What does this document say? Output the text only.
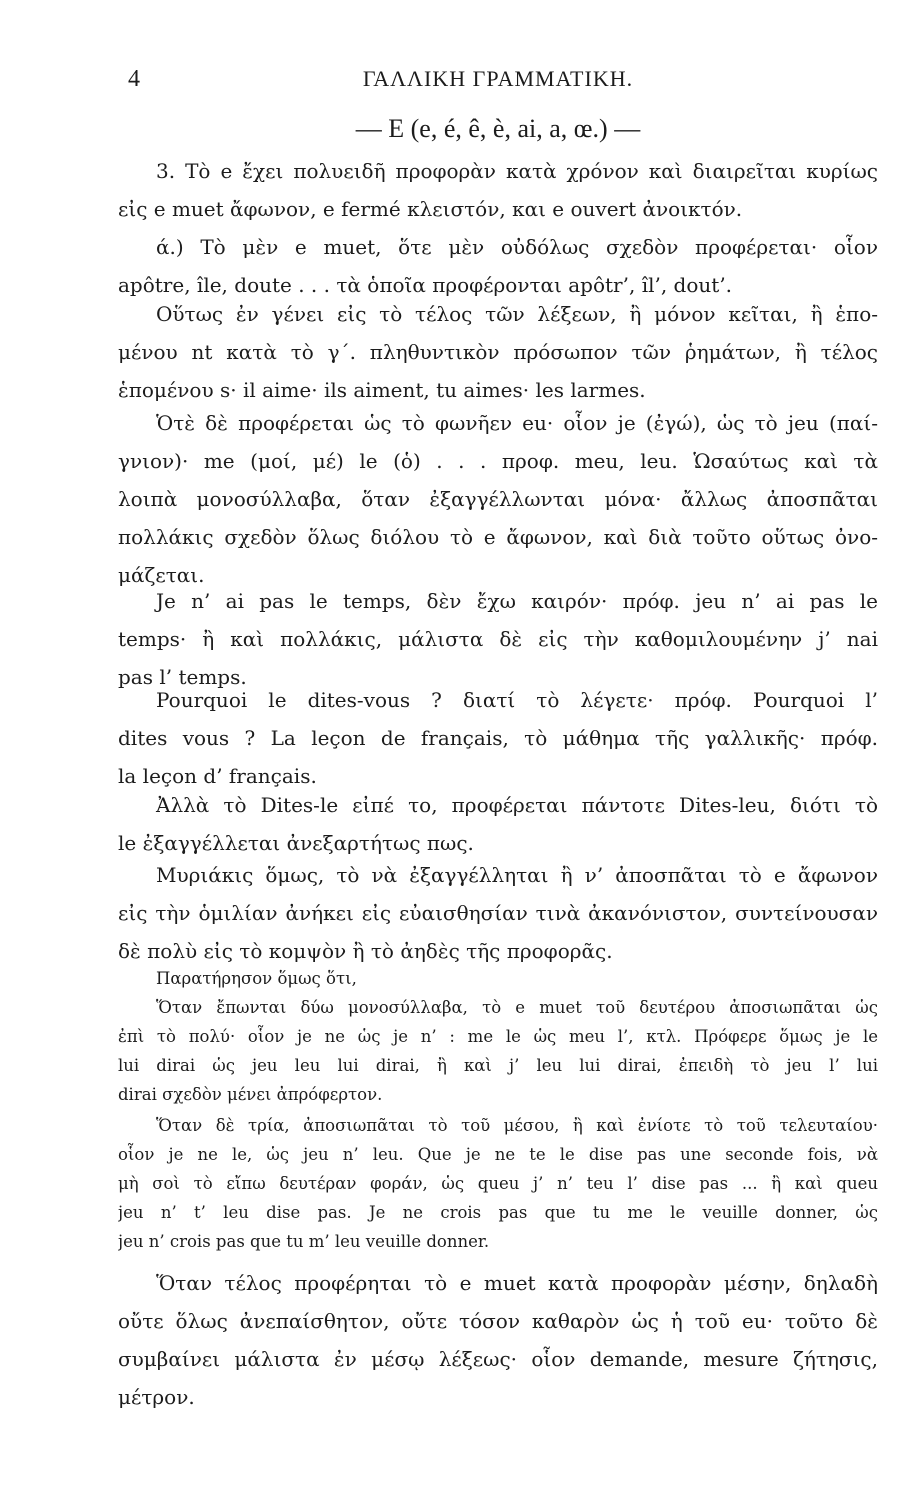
4	ΓΑΛΛΙΚΗ ΓΡΑΜΜΑΤΙΚΗ.
— E (e, é, ê, è, ai, a, œ.) —
3. Τὸ e ἔχει πολυειδῆ προφορὰν κατὰ χρόνον καὶ διαιρεῖται κυρίως
εἰς e muet ἄφωνον, e fermé κλειστόν, και e ouvert ἀνοικτόν.
ά.) Τὸ μὲν e muet, ὅτε μὲν οὐδόλως σχεδὸν προφέρεται· οἷον
apôtre, île, doute . . . τὰ ὁποῖα προφέρονται apôtr’, îl’, dout’.
Οὕτως ἐν γένει εἰς τὸ τέλος τῶν λέξεων, ἢ μόνον κεῖται, ἢ ἑπο-
μένου nt κατὰ τὸ γ΄. πληθυντικὸν πρόσωπον τῶν ῥημάτων, ἢ τέλος
ἑπομένου s· il aime· ils aiment, tu aimes· les larmes.
Ὁτὲ δὲ προφέρεται ὡς τὸ φωνῆεν eu· οἷον je (ἐγώ), ὡς τὸ jeu (παί-
γνιον)· me (μοί, μέ) le (ὁ) . . . προφ. meu, leu. Ὡσαύτως καὶ τὰ
λοιπὰ μονοσύλλαβα, ὅταν ἐξαγγέλλωνται μόνα· ἄλλως ἀποσπᾶται
πολλάκις σχεδὸν ὅλως διόλου τὸ e ἄφωνον, καὶ διὰ τοῦτο οὕτως ὀνο-
μάζεται.
Je n’ ai pas le temps, δὲν ἔχω καιρόν· πρόφ. jeu n’ ai pas le
temps· ἢ καὶ πολλάκις, μάλιστα δὲ εἰς τὴν καθομιλουμένην j’ nai
pas l’ temps.
Pourquoi le dites-vous ? διατί τὸ λέγετε· πρόφ. Pourquoi l’
dites vous ? La leçon de français, τὸ μάθημα τῆς γαλλικῆς· πρόφ.
la leçon d’ français.
Ἀλλὰ τὸ Dites-le εἰπέ το, προφέρεται πάντοτε Dites-leu, διότι τὸ
le ἐξαγγέλλεται ἀνεξαρτήτως πως.
Μυριάκις ὅμως, τὸ νὰ ἐξαγγέλληται ἢ ν’ ἀποσπᾶται τὸ e ἄφωνον
εἰς τὴν ὁμιλίαν ἀνήκει εἰς εὐαισθησίαν τινὰ ἀκανόνιστον, συντείνουσαν
δὲ πολὺ εἰς τὸ κομψὸν ἢ τὸ ἀηδὲς τῆς προφορᾶς.
Παρατήρησον ὅμως ὅτι,
Ὅταν ἔπωνται δύω μονοσύλλαβα, τὸ e muet τοῦ δευτέρου ἀποσιωπᾶται ὡς
ἐπὶ τὸ πολύ· οἷον je ne ὡς je n’ : me le ὡς meu l’, κτλ. Πρόφερε ὅμως je le
lui dirai ὡς jeu leu lui dirai, ἢ καὶ j’ leu lui dirai, ἐπειδὴ τὸ jeu l’ lui
dirai σχεδὸν μένει ἀπρόφερτον.
Ὅταν δὲ τρία, ἀποσιωπᾶται τὸ τοῦ μέσου, ἢ καὶ ἐνίοτε τὸ τοῦ τελευταίου·
οἷον je ne le, ὡς jeu n’ leu. Que je ne te le dise pas une seconde fois, νὰ
μὴ σοὶ τὸ εἴπω δευτέραν φοράν, ὡς queu j’ n’ teu l’ dise pas ... ἢ καὶ queu
jeu n’ t’ leu dise pas. Je ne crois pas que tu me le veuille donner, ὡς
jeu n’ crois pas que tu m’ leu veuille donner.
Ὅταν τέλος προφέρηται τὸ e muet κατὰ προφορὰν μέσην, δηλαδὴ
οὔτε ὅλως ἀνεπαίσθητον, οὔτε τόσον καθαρὸν ὡς ἡ τοῦ eu· τοῦτο δὲ
συμβαίνει μάλιστα ἐν μέσῳ λέξεως· οἷον demande, mesure ζήτησις,
μέτρον.
